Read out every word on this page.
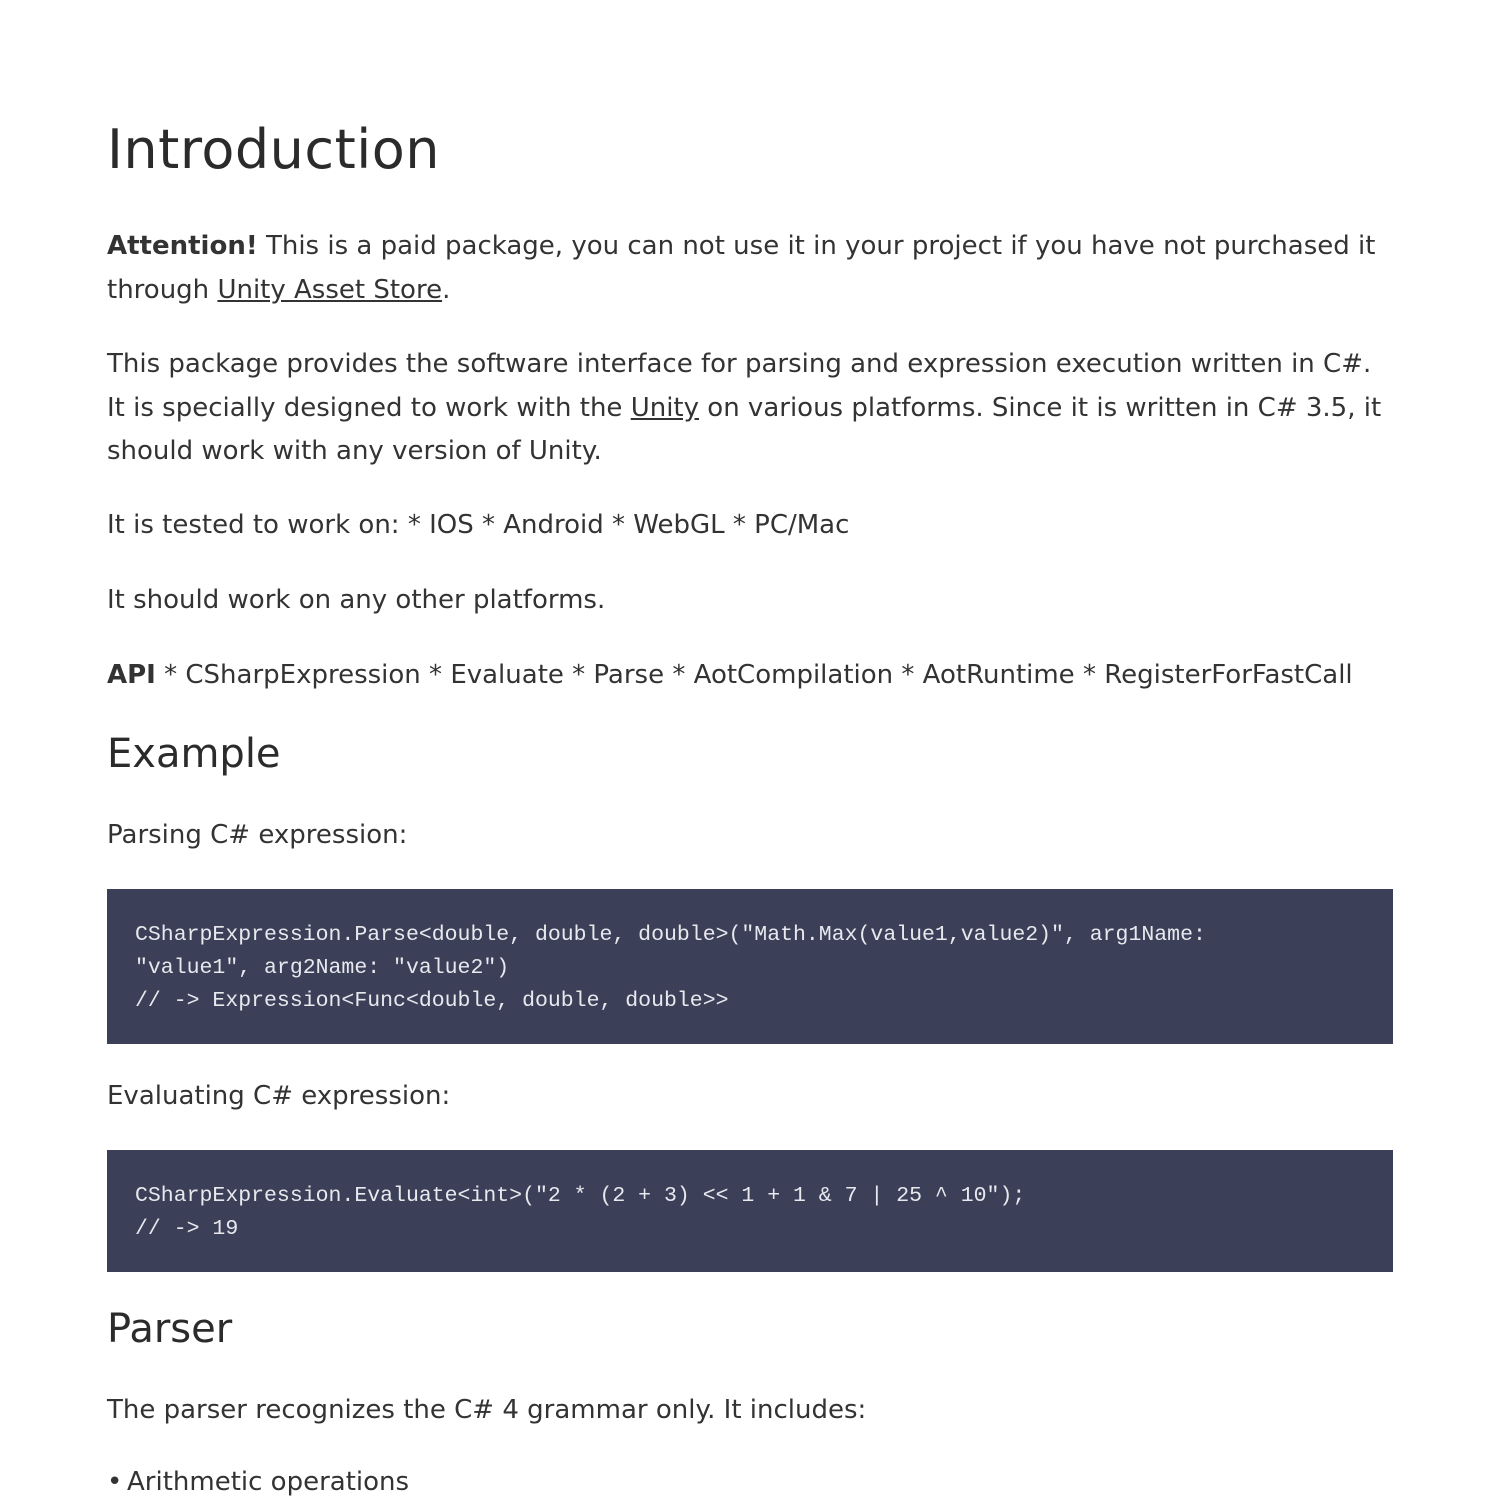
Introduction

Attention! This is a paid package, you can not use it in your project if you have not purchased it through Unity Asset Store.

This package provides the software interface for parsing and expression execution written in C#. It is specially designed to work with the Unity on various platforms. Since it is written in C# 3.5, it should work with any version of Unity.

It is tested to work on: * IOS * Android * WebGL * PC/Mac

It should work on any other platforms.

API * CSharpExpression * Evaluate * Parse * AotCompilation * AotRuntime * RegisterForFastCall

Example

Parsing C# expression:

CSharpExpression.Parse<double, double, double>("Math.Max(value1,value2)", arg1Name:
"value1", arg2Name: "value2")
// -> Expression<Func<double, double, double>>

Evaluating C# expression:

CSharpExpression.Evaluate<int>("2 * (2 + 3) << 1 + 1 & 7 | 25 ^ 10");
// -> 19
Parser

The parser recognizes the C# 4 grammar only. It includes:

• Arithmetic operations
